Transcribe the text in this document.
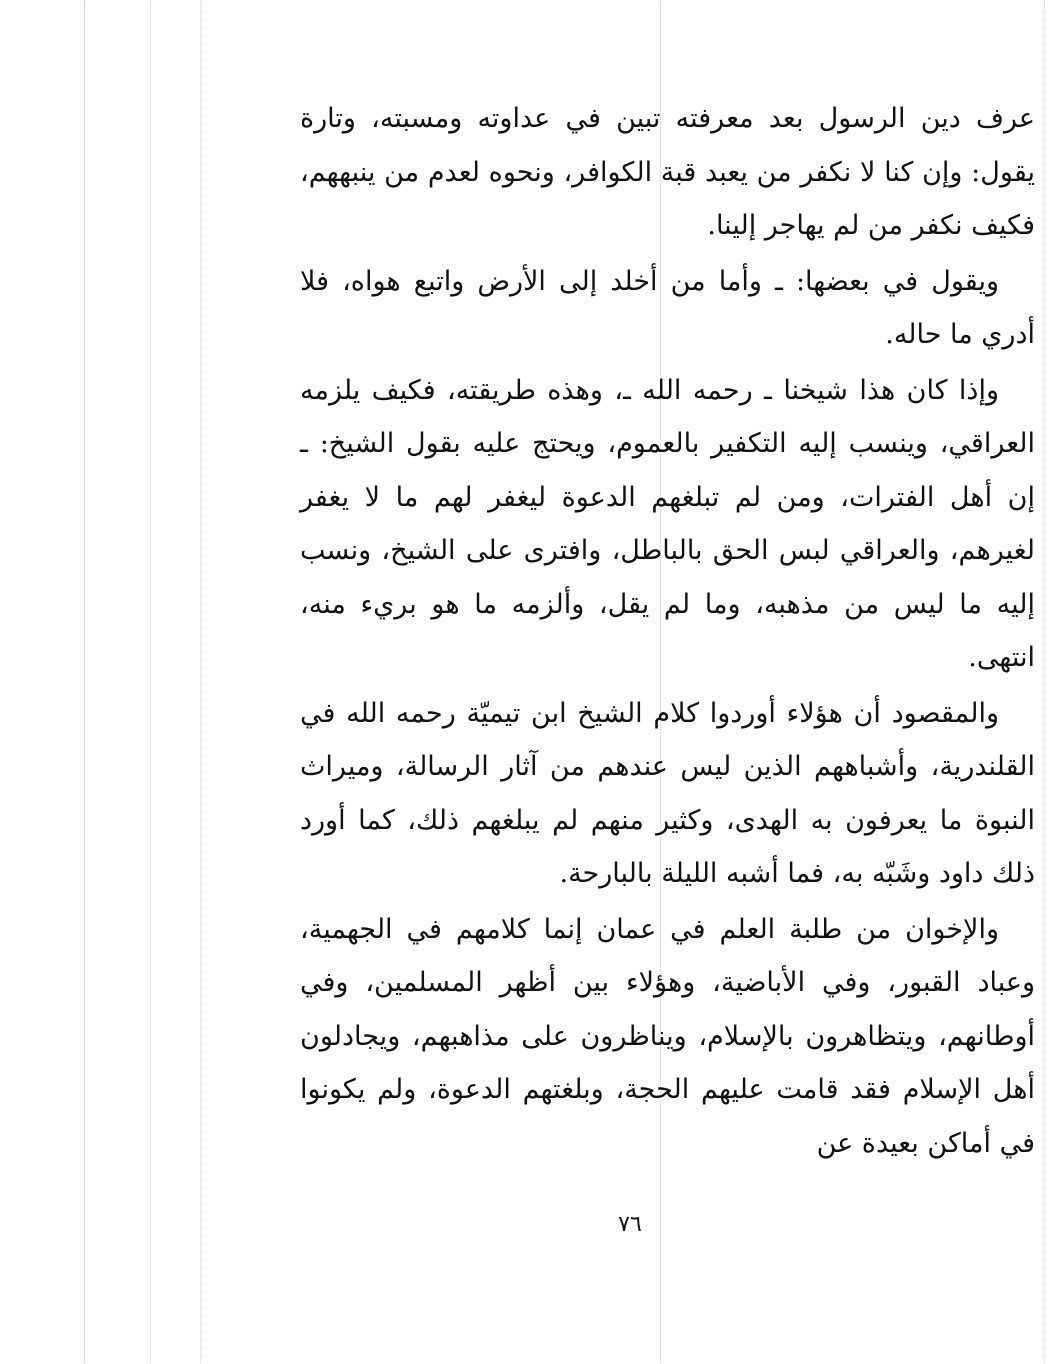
عرف دين الرسول بعد معرفته تبين في عداوته ومسبته، وتارة يقول: وإن كنا لا نكفر من يعبد قبة الكوافر، ونحوه لعدم من ينبههم، فكيف نكفر من لم يهاجر إلينا.

ويقول في بعضها: ـ وأما من أخلد إلى الأرض واتبع هواه، فلا أدري ما حاله.

وإذا كان هذا شيخنا ـ رحمه الله ـ، وهذه طريقته، فكيف يلزمه العراقي، وينسب إليه التكفير بالعموم، ويحتج عليه بقول الشيخ: ـ إن أهل الفترات، ومن لم تبلغهم الدعوة ليغفر لهم ما لا يغفر لغيرهم، والعراقي لبس الحق بالباطل، وافترى على الشيخ، ونسب إليه ما ليس من مذهبه، وما لم يقل، وألزمه ما هو بريء منه، انتهى.

والمقصود أن هؤلاء أوردوا كلام الشيخ ابن تيميّة رحمه الله في القلندرية، وأشباههم الذين ليس عندهم من آثار الرسالة، وميراث النبوة ما يعرفون به الهدى، وكثير منهم لم يبلغهم ذلك، كما أورد ذلك داود وشَبّه به، فما أشبه الليلة بالبارحة.

والإخوان من طلبة العلم في عمان إنما كلامهم في الجهمية، وعباد القبور، وفي الأباضية، وهؤلاء بين أظهر المسلمين، وفي أوطانهم، ويتظاهرون بالإسلام، ويناظرون على مذاهبهم، ويجادلون أهل الإسلام فقد قامت عليهم الحجة، وبلغتهم الدعوة، ولم يكونوا في أماكن بعيدة عن

٧٦
